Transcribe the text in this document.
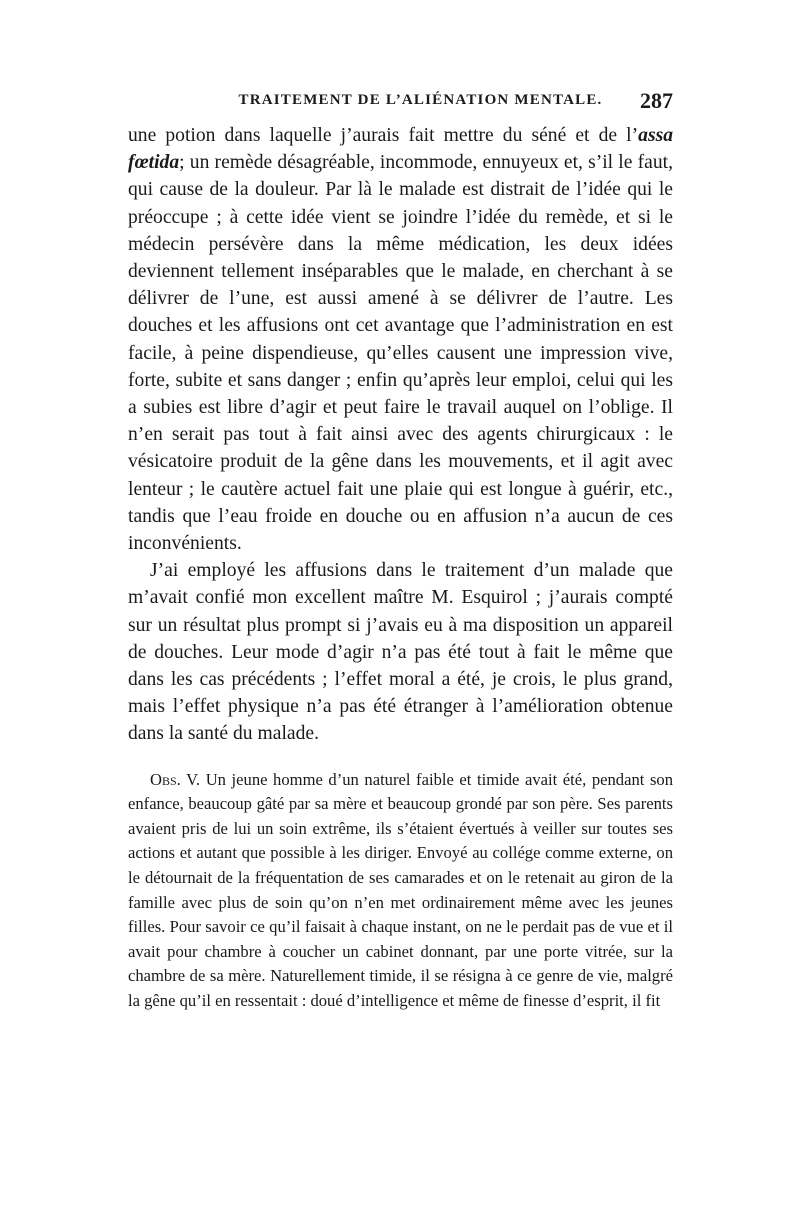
TRAITEMENT DE L’ALIÉNATION MENTALE. 287

une potion dans laquelle j’aurais fait mettre du séné et de l’assa fœtida; un remède désagréable, incommode, ennuyeux et, s’il le faut, qui cause de la douleur. Par là le malade est distrait de l’idée qui le préoccupe ; à cette idée vient se joindre l’idée du remède, et si le médecin persévère dans la même médication, les deux idées deviennent tellement inséparables que le malade, en cherchant à se délivrer de l’une, est aussi amené à se délivrer de l’autre. Les douches et les affusions ont cet avantage que l’administration en est facile, à peine dispendieuse, qu’elles causent une impression vive, forte, subite et sans danger ; enfin qu’après leur emploi, celui qui les a subies est libre d’agir et peut faire le travail auquel on l’oblige. Il n’en serait pas tout à fait ainsi avec des agents chirurgicaux : le vésicatoire produit de la gêne dans les mouvements, et il agit avec lenteur ; le cautère actuel fait une plaie qui est longue à guérir, etc., tandis que l’eau froide en douche ou en affusion n’a aucun de ces inconvénients.

J’ai employé les affusions dans le traitement d’un malade que m’avait confié mon excellent maître M. Esquirol ; j’aurais compté sur un résultat plus prompt si j’avais eu à ma disposition un appareil de douches. Leur mode d’agir n’a pas été tout à fait le même que dans les cas précédents ; l’effet moral a été, je crois, le plus grand, mais l’effet physique n’a pas été étranger à l’amélioration obtenue dans la santé du malade.

Obs. V. Un jeune homme d’un naturel faible et timide avait été, pendant son enfance, beaucoup gâté par sa mère et beaucoup grondé par son père. Ses parents avaient pris de lui un soin extrême, ils s’étaient évertués à veiller sur toutes ses actions et autant que possible à les diriger. Envoyé au collége comme externe, on le détournait de la fréquentation de ses camarades et on le retenait au giron de la famille avec plus de soin qu’on n’en met ordinairement même avec les jeunes filles. Pour savoir ce qu’il faisait à chaque instant, on ne le perdait pas de vue et il avait pour chambre à coucher un cabinet donnant, par une porte vitrée, sur la chambre de sa mère. Naturellement timide, il se résigna à ce genre de vie, malgré la gêne qu’il en ressentait : doué d’intelligence et même de finesse d’esprit, il fit
